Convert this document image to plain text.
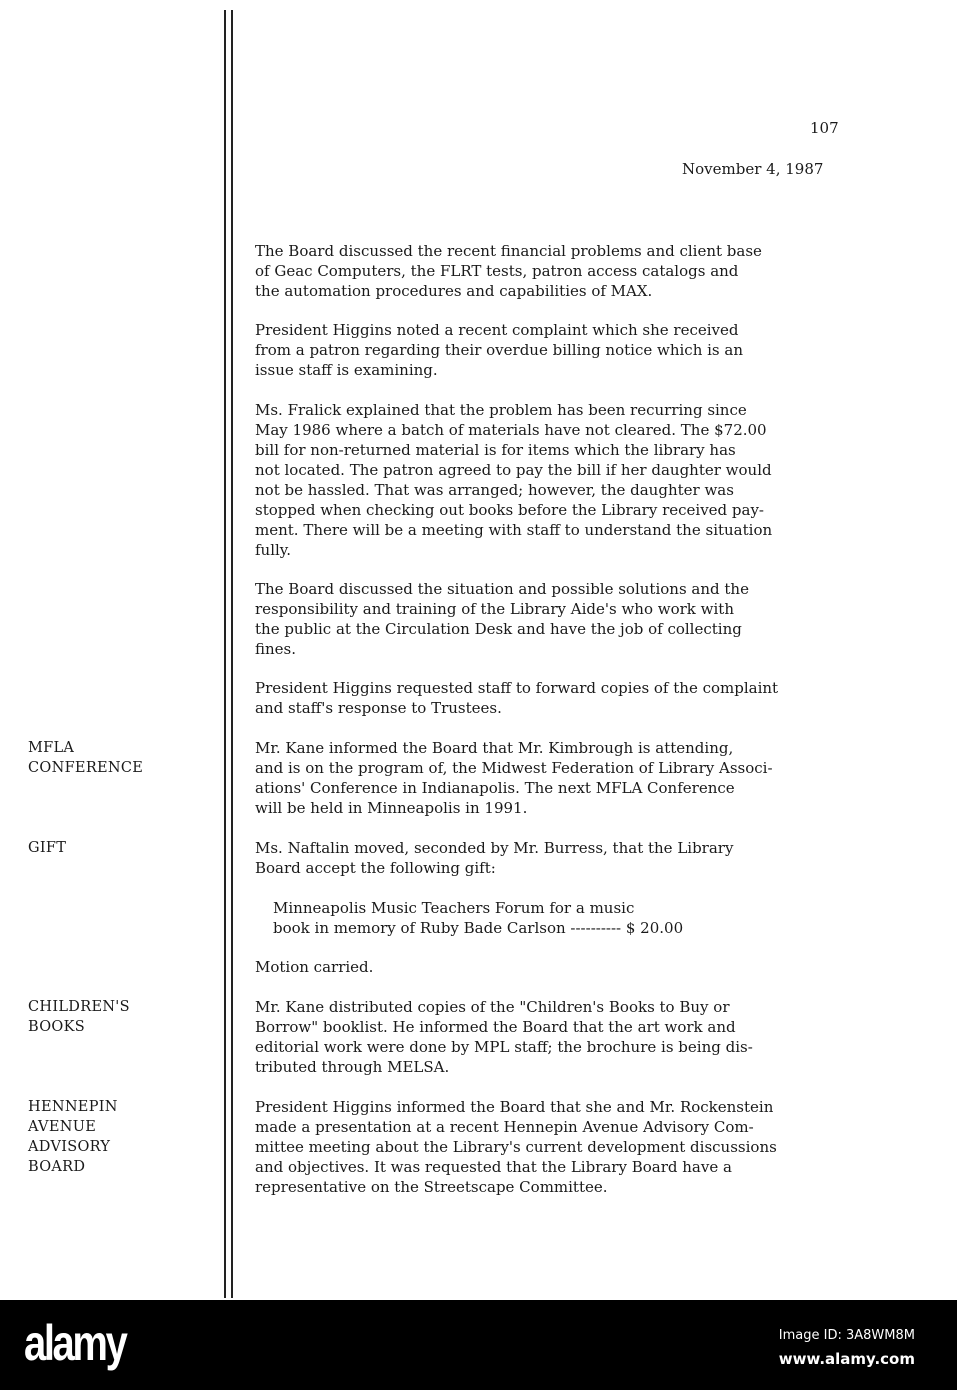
107
November 4, 1987
MFLA
CONFERENCE
GIFT
CHILDREN'S
BOOKS
HENNEPIN
AVENUE
ADVISORY
BOARD
The Board discussed the recent financial problems and client base
of Geac Computers, the FLRT tests, patron access catalogs and
the automation procedures and capabilities of MAX.
President Higgins noted a recent complaint which she received
from a patron regarding their overdue billing notice which is an
issue staff is examining.
Ms. Fralick explained that the problem has been recurring since
May 1986 where a batch of materials have not cleared. The $72.00
bill for non-returned material is for items which the library has
not located. The patron agreed to pay the bill if her daughter would
not be hassled. That was arranged; however, the daughter was
stopped when checking out books before the Library received pay-
ment. There will be a meeting with staff to understand the situation
fully.
The Board discussed the situation and possible solutions and the
responsibility and training of the Library Aide's who work with
the public at the Circulation Desk and have the job of collecting
fines.
President Higgins requested staff to forward copies of the complaint
and staff's response to Trustees.
Mr. Kane informed the Board that Mr. Kimbrough is attending,
and is on the program of, the Midwest Federation of Library Associ-
ations' Conference in Indianapolis. The next MFLA Conference
will be held in Minneapolis in 1991.
Ms. Naftalin moved, seconded by Mr. Burress, that the Library
Board accept the following gift:
Minneapolis Music Teachers Forum for a music
book in memory of Ruby Bade Carlson ---------- $ 20.00
Motion carried.
Mr. Kane distributed copies of the "Children's Books to Buy or
Borrow" booklist. He informed the Board that the art work and
editorial work were done by MPL staff; the brochure is being dis-
tributed through MELSA.
President Higgins informed the Board that she and Mr. Rockenstein
made a presentation at a recent Hennepin Avenue Advisory Com-
mittee meeting about the Library's current development discussions
and objectives. It was requested that the Library Board have a
representative on the Streetscape Committee.
alamy	Image ID: 3A8WM8M
www.alamy.com
